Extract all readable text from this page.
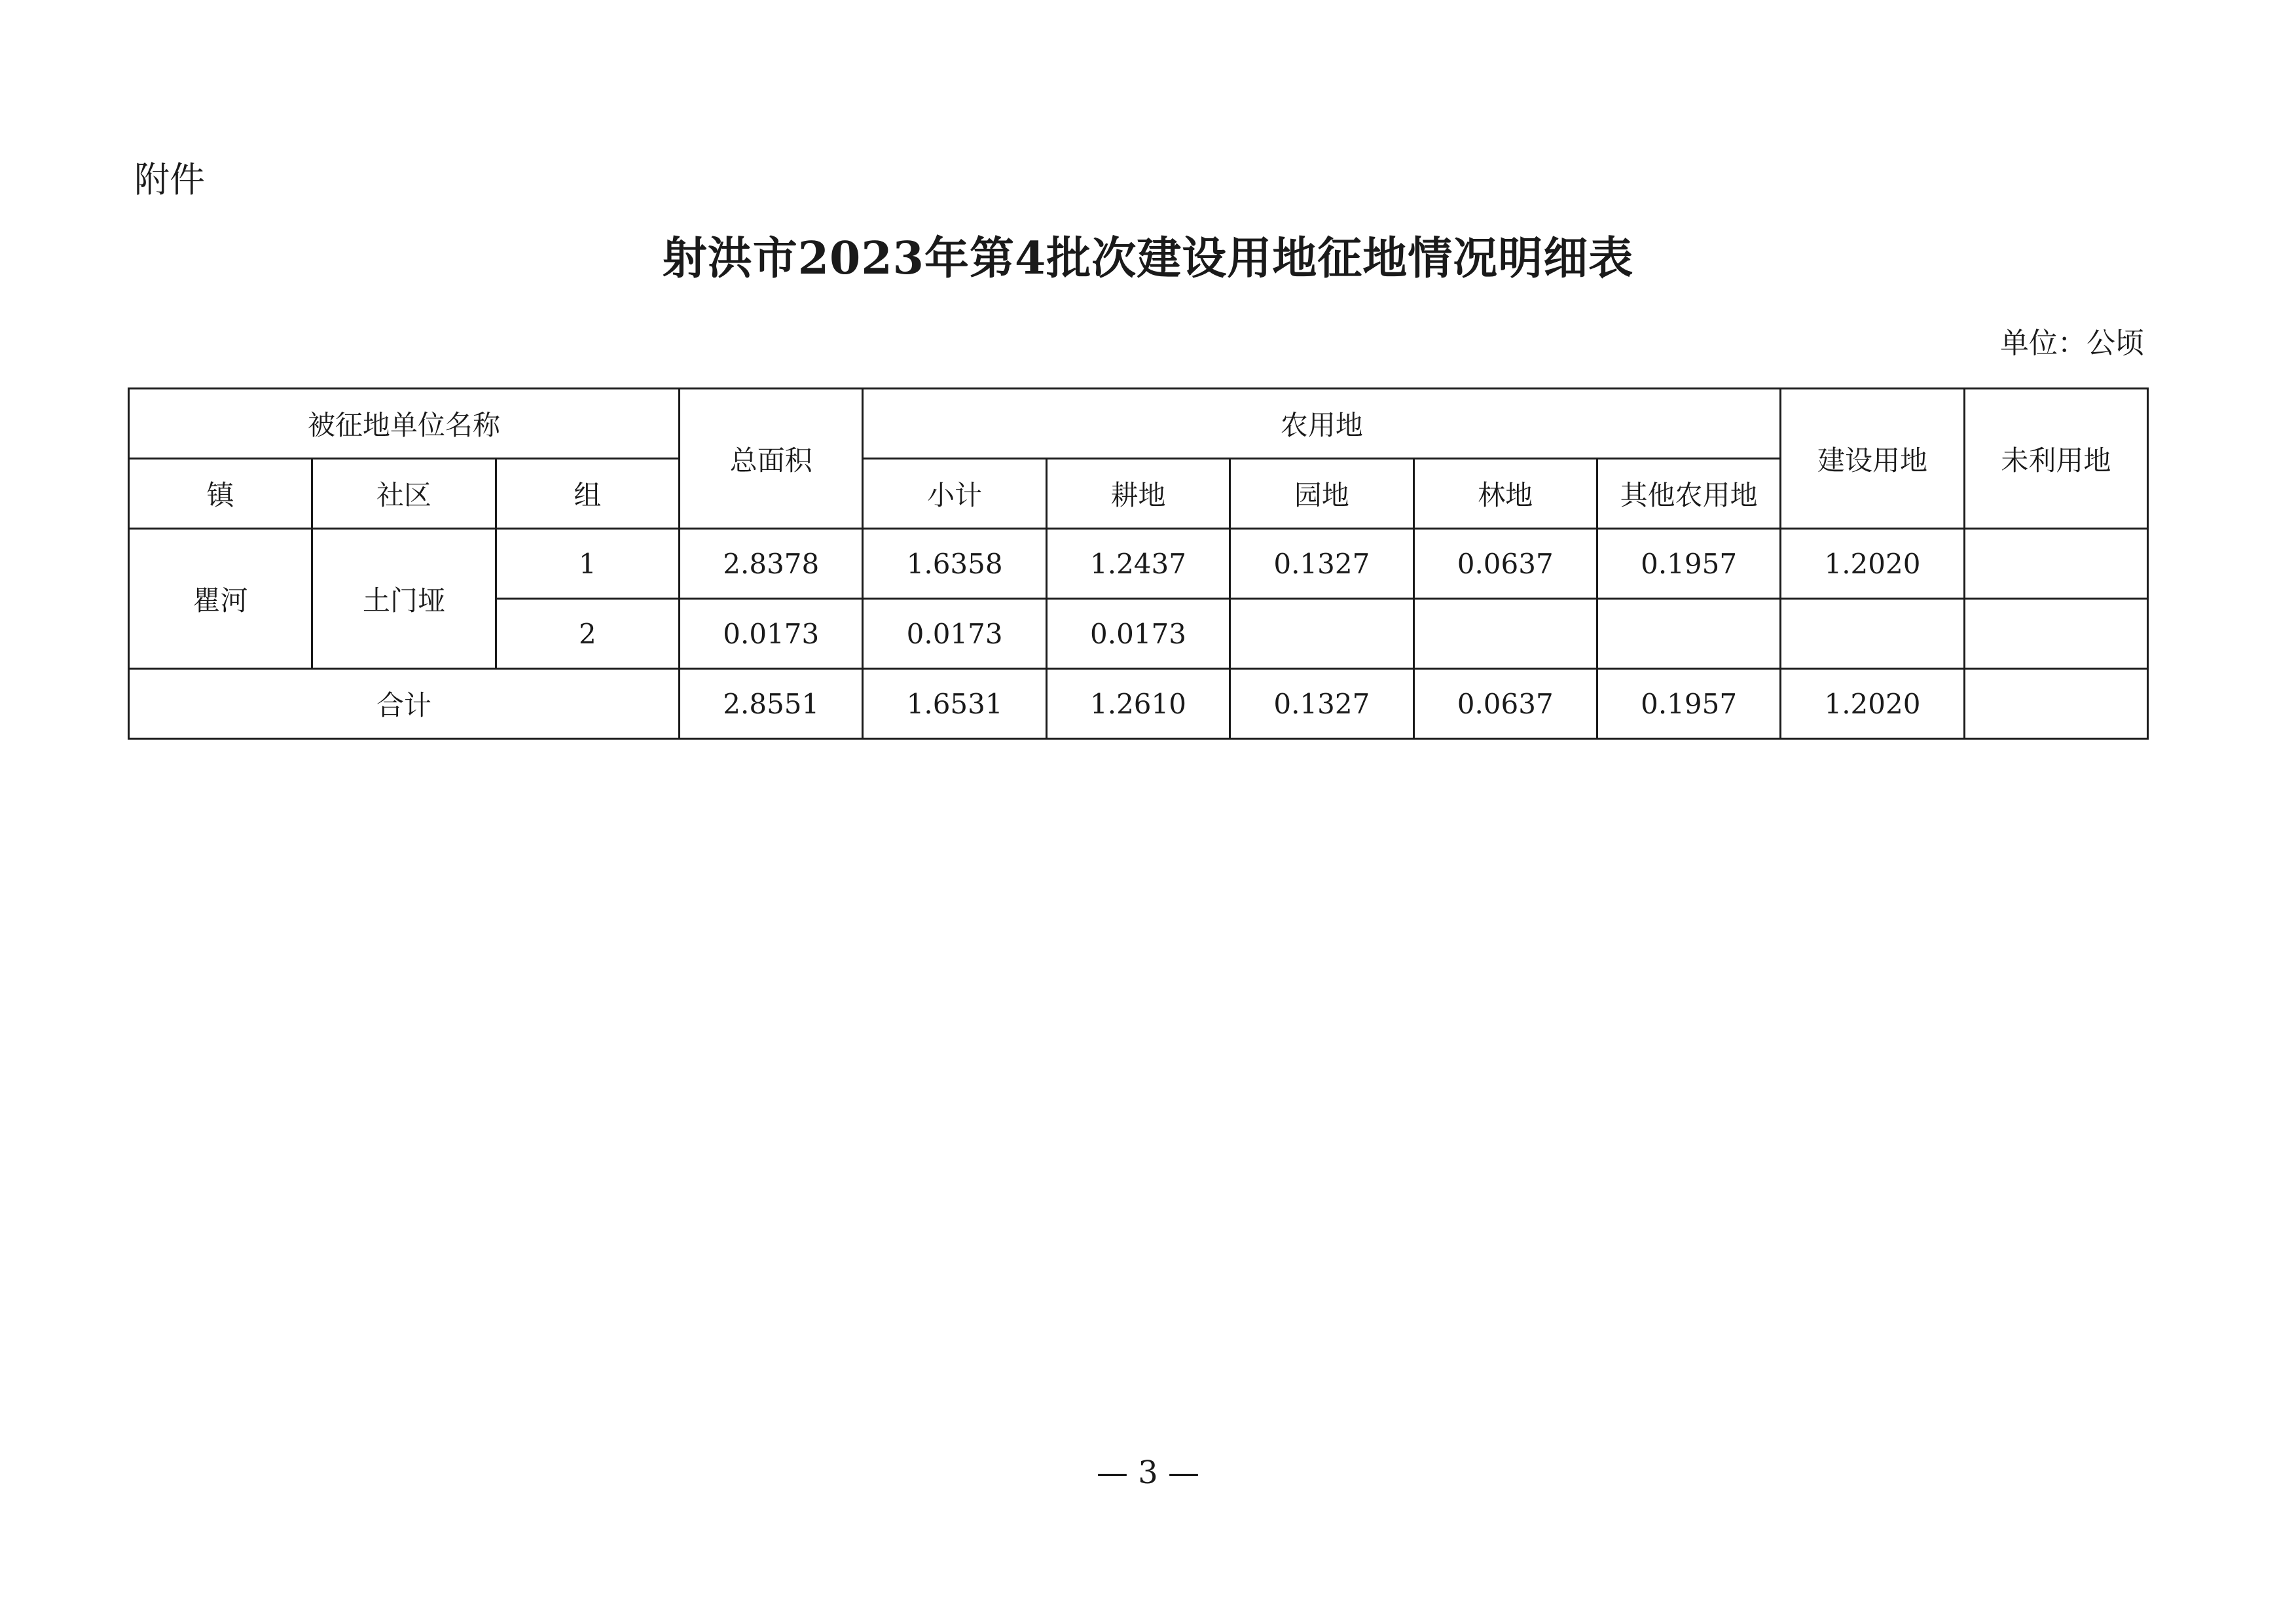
附件
射洪市2023年第4批次建设用地征地情况明细表
单位：公顷
被征地单位名称			总面积	农用地					建设用地	未利用地
镇	社区	组		小计	耕地	园地	林地	其他农用地		
瞿河	土门垭	1	2.8378	1.6358	1.2437	0.1327	0.0637	0.1957	1.2020	
		2	0.0173	0.0173	0.0173					
合计			2.8551	1.6531	1.2610	0.1327	0.0637	0.1957	1.2020	
— 3 —
